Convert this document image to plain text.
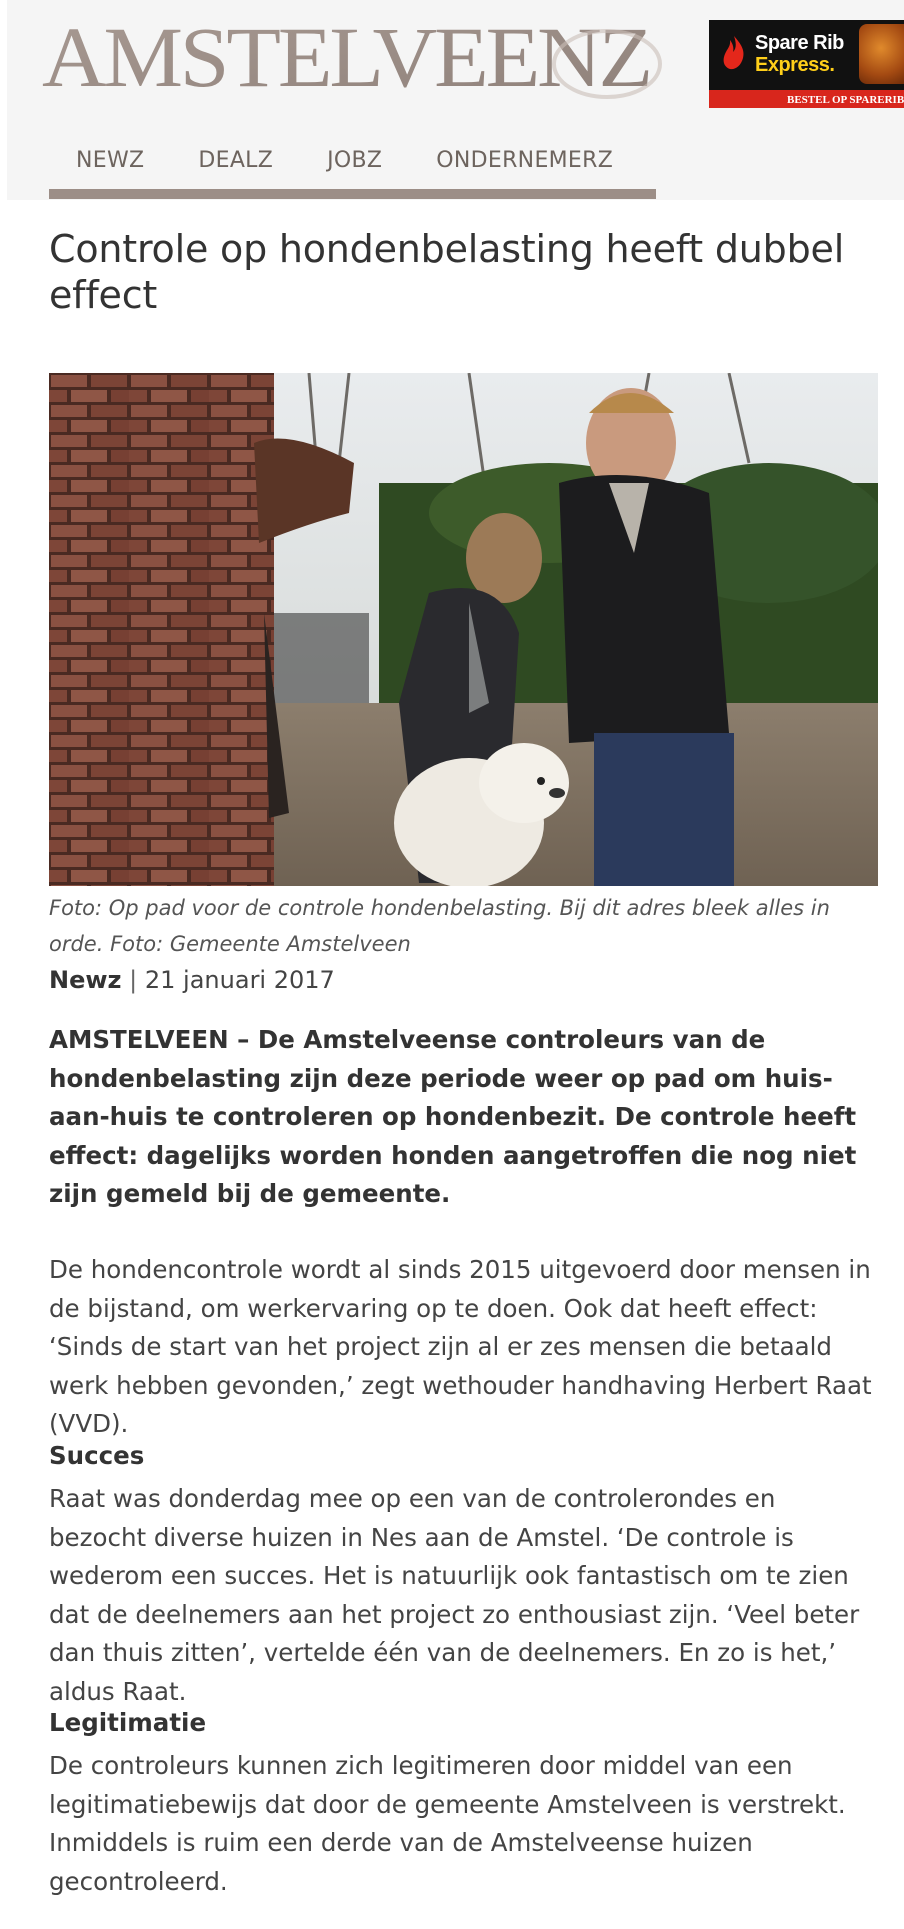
AMSTELVEENZ	Spare Rib
Express.
BESTEL OP SPARERIB
NEWZ DEALZ JOBZ ONDERNEMERZ
Controle op hondenbelasting heeft dubbel effect
Foto: Op pad voor de controle hondenbelasting. Bij dit adres bleek alles in orde. Foto: Gemeente Amstelveen
Newz | 21 januari 2017

AMSTELVEEN – De Amstelveense controleurs van de hondenbelasting zijn deze periode weer op pad om huis-aan-huis te controleren op hondenbezit. De controle heeft effect: dagelijks worden honden aangetroffen die nog niet zijn gemeld bij de gemeente.

De hondencontrole wordt al sinds 2015 uitgevoerd door mensen in de bijstand, om werkervaring op te doen. Ook dat heeft effect: ‘Sinds de start van het project zijn al er zes mensen die betaald werk hebben gevonden,’ zegt wethouder handhaving Herbert Raat (VVD).

Succes

Raat was donderdag mee op een van de controlerondes en bezocht diverse huizen in Nes aan de Amstel. ‘De controle is wederom een succes. Het is natuurlijk ook fantastisch om te zien dat de deelnemers aan het project zo enthousiast zijn. ‘Veel beter dan thuis zitten’, vertelde één van de deelnemers. En zo is het,’ aldus Raat.

Legitimatie

De controleurs kunnen zich legitimeren door middel van een legitimatiebewijs dat door de gemeente Amstelveen is verstrekt. Inmiddels is ruim een derde van de Amstelveense huizen gecontroleerd.
